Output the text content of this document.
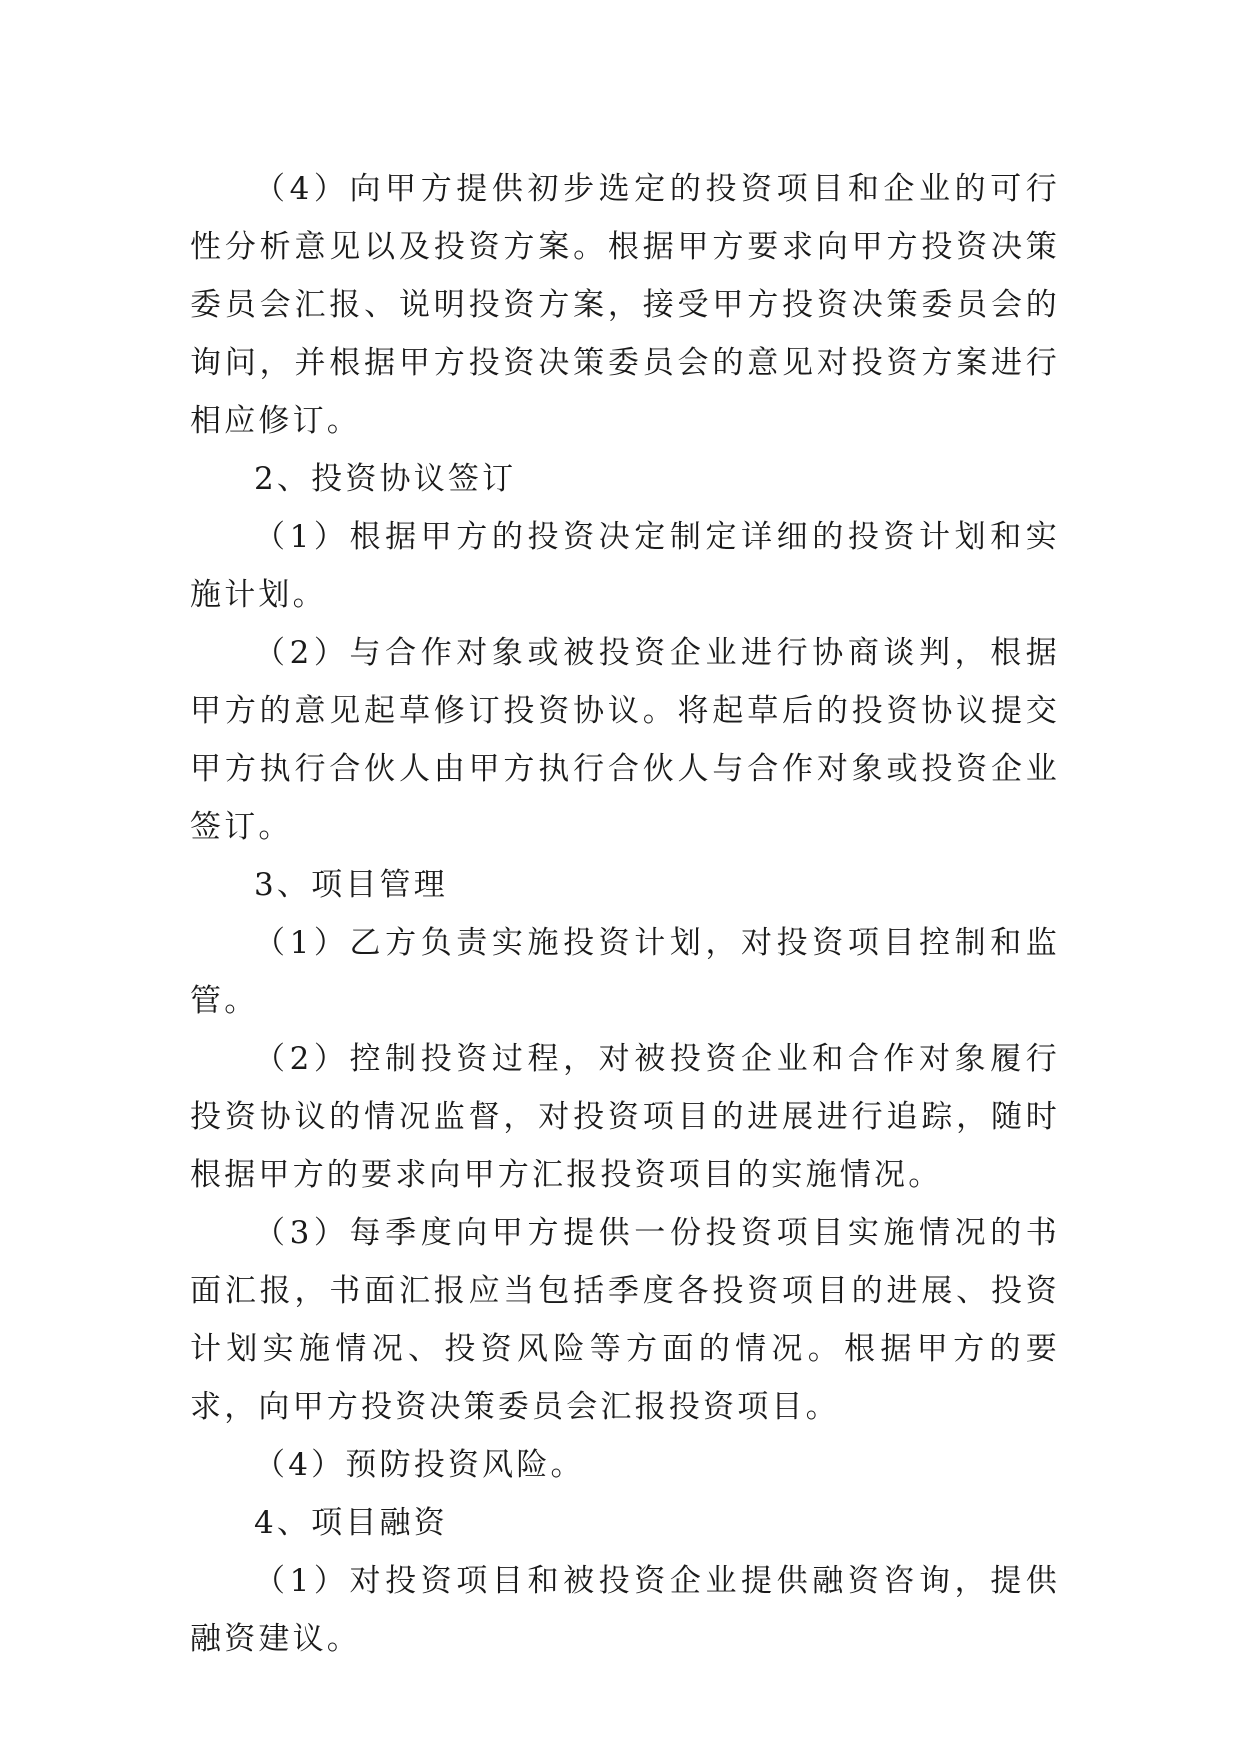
（4）向甲方提供初步选定的投资项目和企业的可行性分析意见以及投资方案。根据甲方要求向甲方投资决策委员会汇报、说明投资方案，接受甲方投资决策委员会的询问，并根据甲方投资决策委员会的意见对投资方案进行相应修订。

2、投资协议签订

（1）根据甲方的投资决定制定详细的投资计划和实施计划。

（2）与合作对象或被投资企业进行协商谈判，根据甲方的意见起草修订投资协议。将起草后的投资协议提交甲方执行合伙人由甲方执行合伙人与合作对象或投资企业签订。

3、项目管理

（1）乙方负责实施投资计划，对投资项目控制和监管。

（2）控制投资过程，对被投资企业和合作对象履行投资协议的情况监督，对投资项目的进展进行追踪，随时根据甲方的要求向甲方汇报投资项目的实施情况。

（3）每季度向甲方提供一份投资项目实施情况的书面汇报，书面汇报应当包括季度各投资项目的进展、投资计划实施情况、投资风险等方面的情况。根据甲方的要求，向甲方投资决策委员会汇报投资项目。

（4）预防投资风险。

4、项目融资

（1）对投资项目和被投资企业提供融资咨询，提供融资建议。
